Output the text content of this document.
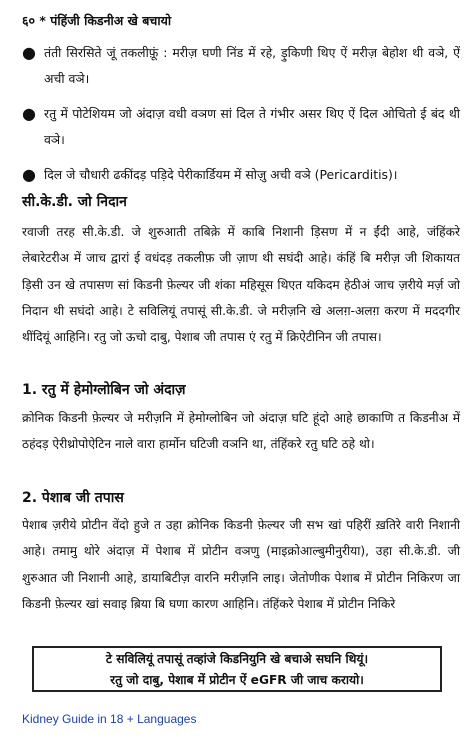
६० * पंहिंजी किडनीअ खे बचायो
● तंती सिरसिते जूं तकलीफ़ूं : मरीज़ घणी निंड में रहे, ड़ुकिणी थिए ऐं मरीज़ बेहोश थी वञे, ऐं अची वञे।
● रतु में पोटेशियम जो अंदाज़ वधी वञण सां दिल ते गंभीर असर थिए ऐं दिल ओचितो ई बंद थी वञे।
● दिल जे चौधारी ढकींदड़ पड़िदे पेरीकार्डियम में सोज़ु अची वञे (Pericarditis)।
सी.के.डी. जो निदान
रवाजी तरह सी.के.डी. जे शुरुआती तबिक़े में काबि निशानी ड़िसण में न ईंदी आहे, जंहिंकरे लेबारेटरीअ में जाच द्वारां ई वधंदड़ तकलीफ़ जी ज़ाण थी सघंदी आहे। कंहिं बि मरीज़ जी शिकायत ड़िसी उन खे तपासण सां किडनी फ़ेल्यर जी शंका महिसूस थिएत यकिदम हेठीअं जाच ज़रीये मर्ज़ जो निदान थी सघंदो आहे। टे सविलियूं तपासूं सी.के.डी. जे मरीज़नि खे अलग़-अलग़ करण में मददगीर थींदियूं आहिनि। रतु जो ऊचो दाबु, पेशाब जी तपास एं रतु में क्रिऐटीनिन जी तपास।
1. रतु में हेमोग्लोबिन जो अंदाज़
क्रोनिक किडनी फ़ेल्यर जे मरीज़नि में हेमोग्लोबिन जो अंदाज़ घटि हूंदो आहे छाकाणि त किडनीअ में ठहंदड़ ऐरीथ्रोपोऐटिन नाले वारा हार्मोन घटिजी वञनि था, तंहिंकरे रतु घटि ठहे थो।
2. पेशाब जी तपास
पेशाब ज़रीये प्रोटीन वेंदो हुजे त उहा क्रोनिक किडनी फ़ेल्यर जी सभ खां पहिरीं ख़तिरे वारी निशानी आहे। तमामु थोरे अंदाज़ में पेशाब में प्रोटीन वञणु (माइक्रोआल्बुमीनुरीया), उहा सी.के.डी. जी शुरुआत जी निशानी आहे, डायाबिटीज़ वारनि मरीज़नि लाइ। जेतोणीक पेशाब में प्रोटीन निकिरण जा किडनी फ़ेल्यर खां सवाइ ब़िया बि घणा कारण आहिनि। तंहिंकरे पेशाब में प्रोटीन निकिरे
टे सविलियूं तपासूं तव्हांजे किडनियुनि खे बचाअे सघनि थियूं।
रतु जो दाबु, पेशाब में प्रोटीन ऐं eGFR जी जाच करायो।
Kidney Guide in 18 + Languages
